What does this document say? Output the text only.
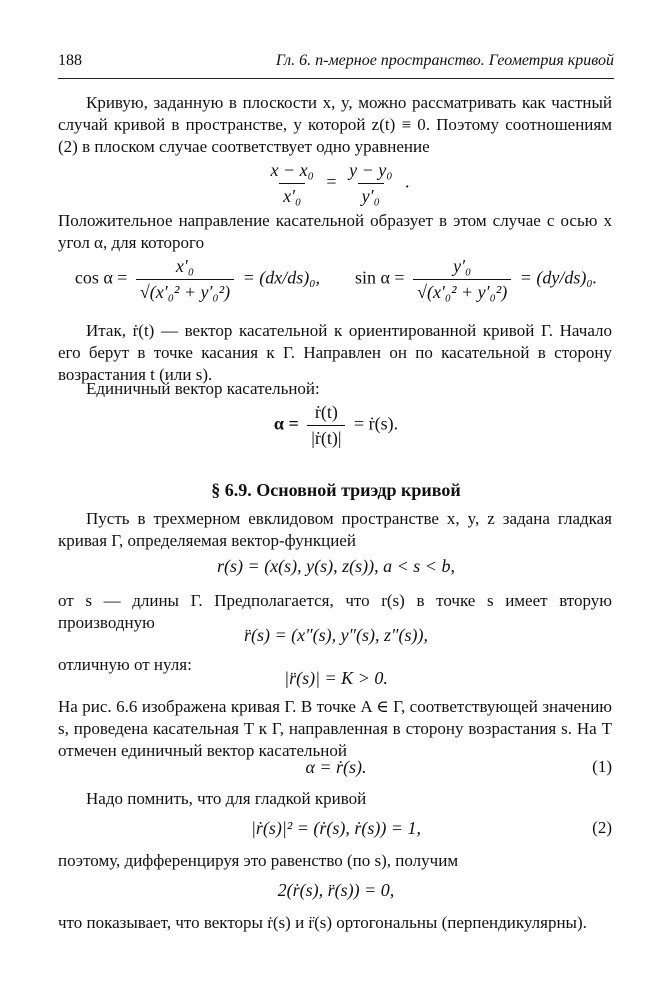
188	Гл. 6. n-мерное пространство. Геометрия кривой

Кривую, заданную в плоскости x, y, можно рассматривать как частный случай кривой в пространстве, у которой z(t) ≡ 0. Поэтому соотношениям (2) в плоском случае соответствует одно уравнение

$\frac{\text{x − x₀}}{\text{x′₀}} = \frac{\text{y − y₀}}{\text{y′₀}}$ .

Положительное направление касательной образует в этом случае с осью x угол α, для которого

$\cos \alpha = \frac{\text{x′₀}}{\text{√(x′₀² + y′₀²)}} = (dx/ds)_0$, $\sin \alpha = \frac{\text{y′₀}}{\text{√(x′₀² + y′₀²)}} = (dy/ds)_0$.

Итак, ṙ(t) — вектор касательной к ориентированной кривой Γ. Начало его берут в точке касания к Γ. Направлен он по касательной в сторону возрастания t (или s).

Единичный вектор касательной:

$\alpha = \frac{\text{ṙ(t)}}{\text{|ṙ(t)|}}$ = ṙ(s).
§ 6.9. Основной триэдр кривой

Пусть в трехмерном евклидовом пространстве x, y, z задана гладкая кривая Γ, определяемая вектор-функцией

r(s) = (x(s), y(s), z(s)), a < s < b,

от s — длины Γ. Предполагается, что r(s) в точке s имеет вторую производную

r̈(s) = (x″(s), y″(s), z″(s)),

отличную от нуля:

|r̈(s)| = K > 0.

На рис. 6.6 изображена кривая Γ. В точке A ∈ Γ, соответствующей значению s, проведена касательная T к Γ, направленная в сторону возрастания s. На T отмечен единичный вектор касательной

α = ṙ(s).	(1)

Надо помнить, что для гладкой кривой

|ṙ(s)|² = (ṙ(s), ṙ(s)) = 1,	(2)

поэтому, дифференцируя это равенство (по s), получим

2(ṙ(s), r̈(s)) = 0,

что показывает, что векторы ṙ(s) и r̈(s) ортогональны (перпендикулярны).
